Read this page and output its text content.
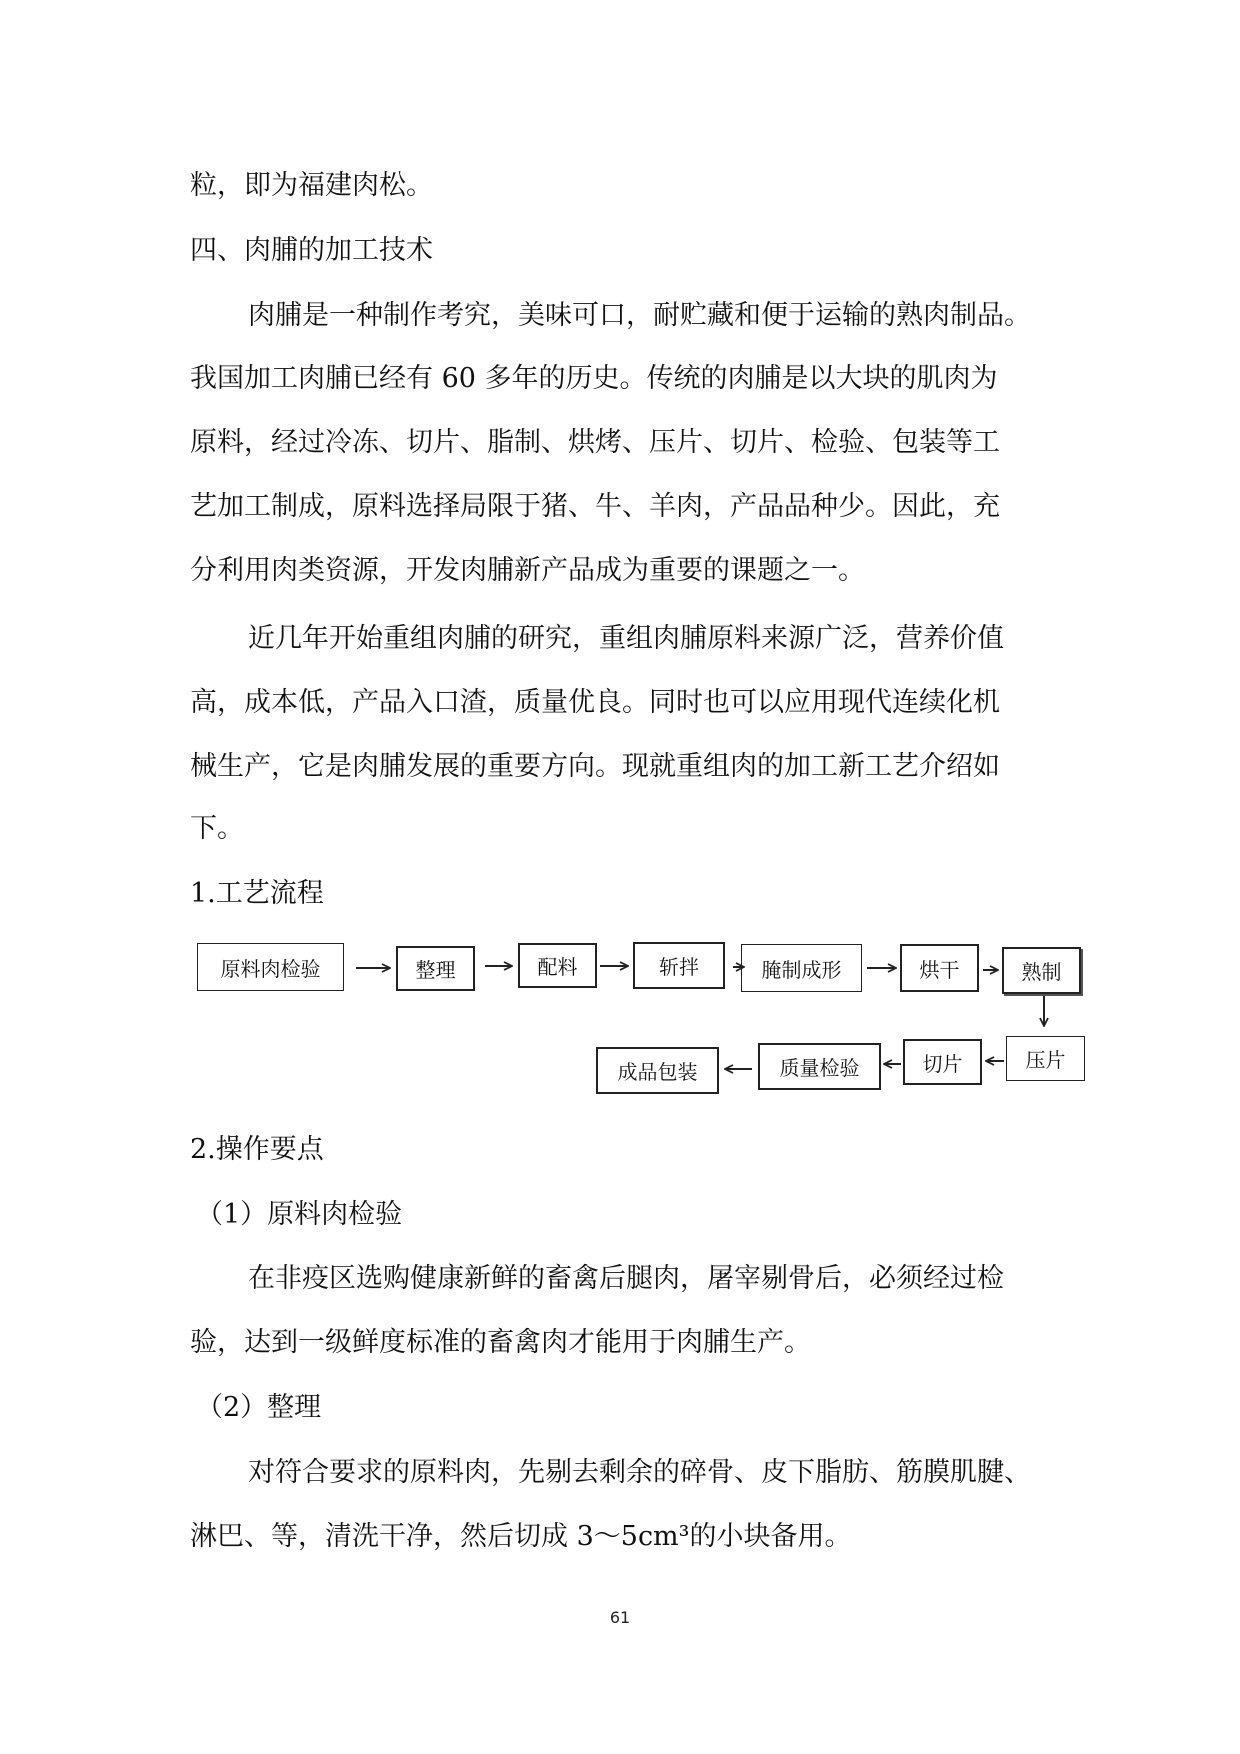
粒，即为福建肉松。
四、肉脯的加工技术
肉脯是一种制作考究，美味可口，耐贮藏和便于运输的熟肉制品。
我国加工肉脯已经有 60 多年的历史。传统的肉脯是以大块的肌肉为
原料，经过冷冻、切片、脂制、烘烤、压片、切片、检验、包装等工
艺加工制成，原料选择局限于猪、牛、羊肉，产品品种少。因此，充
分利用肉类资源，开发肉脯新产品成为重要的课题之一。
近几年开始重组肉脯的研究，重组肉脯原料来源广泛，营养价值
高，成本低，产品入口渣，质量优良。同时也可以应用现代连续化机
械生产，它是肉脯发展的重要方向。现就重组肉的加工新工艺介绍如
下。
1.工艺流程
原料肉检验	整理	配料	斩拌	腌制成形	烘干	熟制
压片
切片
质量检验
成品包装
2.操作要点
（1）原料肉检验
在非疫区选购健康新鲜的畜禽后腿肉，屠宰剔骨后，必须经过检
验，达到一级鲜度标准的畜禽肉才能用于肉脯生产。
（2）整理
对符合要求的原料肉，先剔去剩余的碎骨、皮下脂肪、筋膜肌腱、
淋巴、等，清洗干净，然后切成 3～5cm³的小块备用。
61
